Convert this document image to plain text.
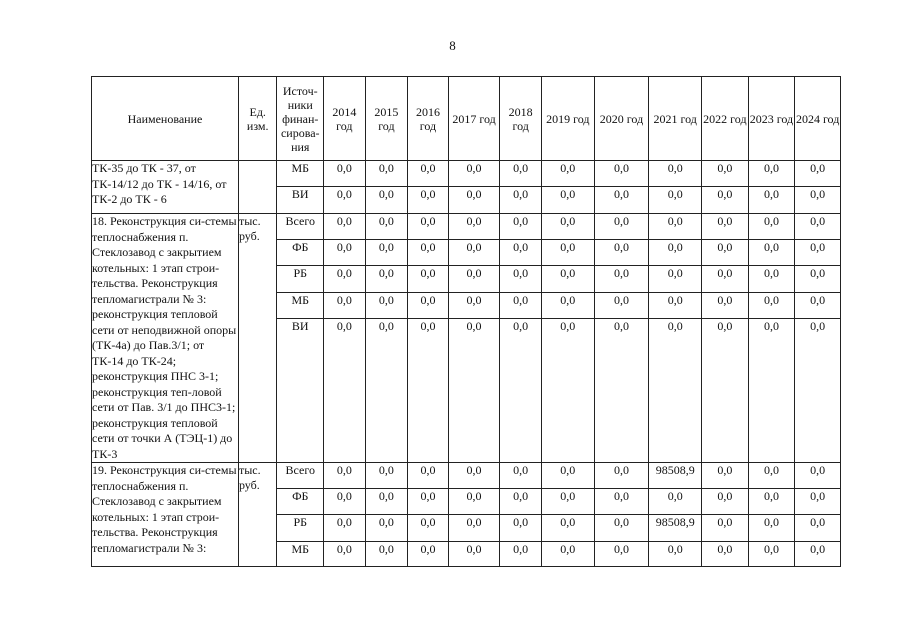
8
Наименование	Ед. изм.	Источ-ники финан-сирова-ния	2014 год	2015 год	2016 год	2017 год	2018 год	2019 год	2020 год	2021 год	2022 год	2023 год	2024 год
ТК-35 до ТК - 37, от ТК-14/12 до ТК - 14/16, от ТК-2 до ТК - 6		МБ	0,0	0,0	0,0	0,0	0,0	0,0	0,0	0,0	0,0	0,0	0,0
		ВИ	0,0	0,0	0,0	0,0	0,0	0,0	0,0	0,0	0,0	0,0	0,0
18. Реконструкция си-стемы теплоснабжения п. Стеклозавод с закрытием котельных: 1 этап строи-тельства. Реконструкция тепломагистрали № 3: реконструкция тепловой сети от неподвижной опоры (ТК-4а) до Пав.3/1; от ТК-14 до ТК-24; реконструкция ПНС 3-1; реконструкция теп-ловой сети от Пав. 3/1 до ПНС3-1; реконструкция тепловой сети от точки А (ТЭЦ-1) до ТК-3	тыс. руб.	Всего	0,0	0,0	0,0	0,0	0,0	0,0	0,0	0,0	0,0	0,0	0,0
		ФБ	0,0	0,0	0,0	0,0	0,0	0,0	0,0	0,0	0,0	0,0	0,0
		РБ	0,0	0,0	0,0	0,0	0,0	0,0	0,0	0,0	0,0	0,0	0,0
		МБ	0,0	0,0	0,0	0,0	0,0	0,0	0,0	0,0	0,0	0,0	0,0
		ВИ	0,0	0,0	0,0	0,0	0,0	0,0	0,0	0,0	0,0	0,0	0,0
19. Реконструкция си-стемы теплоснабжения п. Стеклозавод с закрытием котельных: 1 этап строи-тельства. Реконструкция тепломагистрали № 3:	тыс. руб.	Всего	0,0	0,0	0,0	0,0	0,0	0,0	0,0	98508,9	0,0	0,0	0,0
		ФБ	0,0	0,0	0,0	0,0	0,0	0,0	0,0	0,0	0,0	0,0	0,0
		РБ	0,0	0,0	0,0	0,0	0,0	0,0	0,0	98508,9	0,0	0,0	0,0
		МБ	0,0	0,0	0,0	0,0	0,0	0,0	0,0	0,0	0,0	0,0	0,0
